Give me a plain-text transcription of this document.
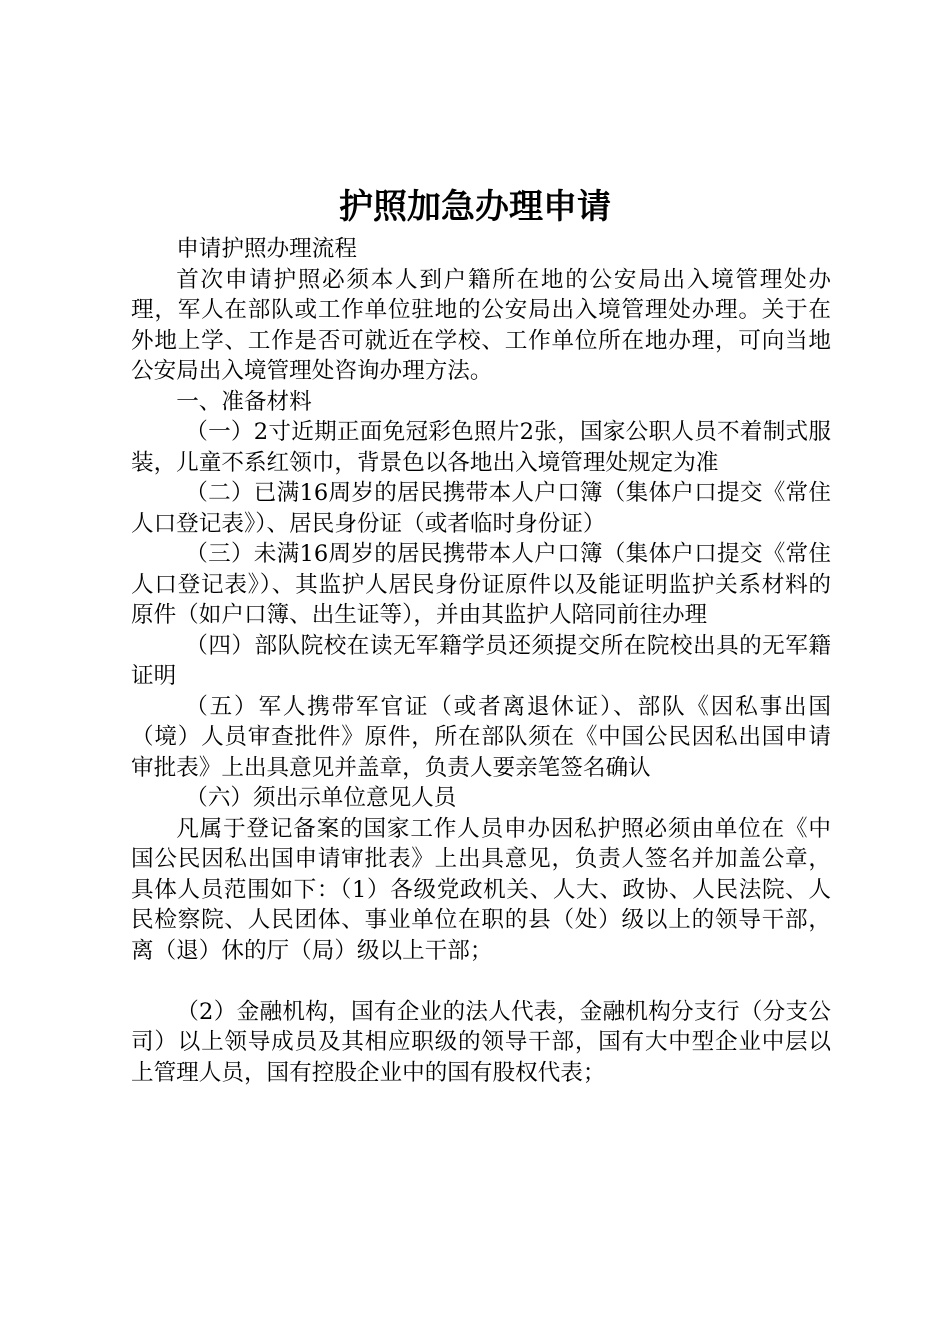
护照加急办理申请

申请护照办理流程

首次申请护照必须本人到户籍所在地的公安局出入境管理处办理，军人在部队或工作单位驻地的公安局出入境管理处办理。关于在外地上学、工作是否可就近在学校、工作单位所在地办理，可向当地公安局出入境管理处咨询办理方法。

一、准备材料

（一）2寸近期正面免冠彩色照片2张，国家公职人员不着制式服装，儿童不系红领巾，背景色以各地出入境管理处规定为准

（二）已满16周岁的居民携带本人户口簿（集体户口提交《常住人口登记表》）、居民身份证（或者临时身份证）

（三）未满16周岁的居民携带本人户口簿（集体户口提交《常住人口登记表》）、其监护人居民身份证原件以及能证明监护关系材料的原件（如户口簿、出生证等），并由其监护人陪同前往办理

（四）部队院校在读无军籍学员还须提交所在院校出具的无军籍证明

（五）军人携带军官证（或者离退休证）、部队《因私事出国（境）人员审查批件》原件，所在部队须在《中国公民因私出国申请审批表》上出具意见并盖章，负责人要亲笔签名确认

（六）须出示单位意见人员

凡属于登记备案的国家工作人员申办因私护照必须由单位在《中国公民因私出国申请审批表》上出具意见，负责人签名并加盖公章，具体人员范围如下：（1）各级党政机关、人大、政协、人民法院、人民检察院、人民团体、事业单位在职的县（处）级以上的领导干部，离（退）休的厅（局）级以上干部；

（2）金融机构，国有企业的法人代表，金融机构分支行（分支公司）以上领导成员及其相应职级的领导干部，国有大中型企业中层以上管理人员，国有控股企业中的国有股权代表；
